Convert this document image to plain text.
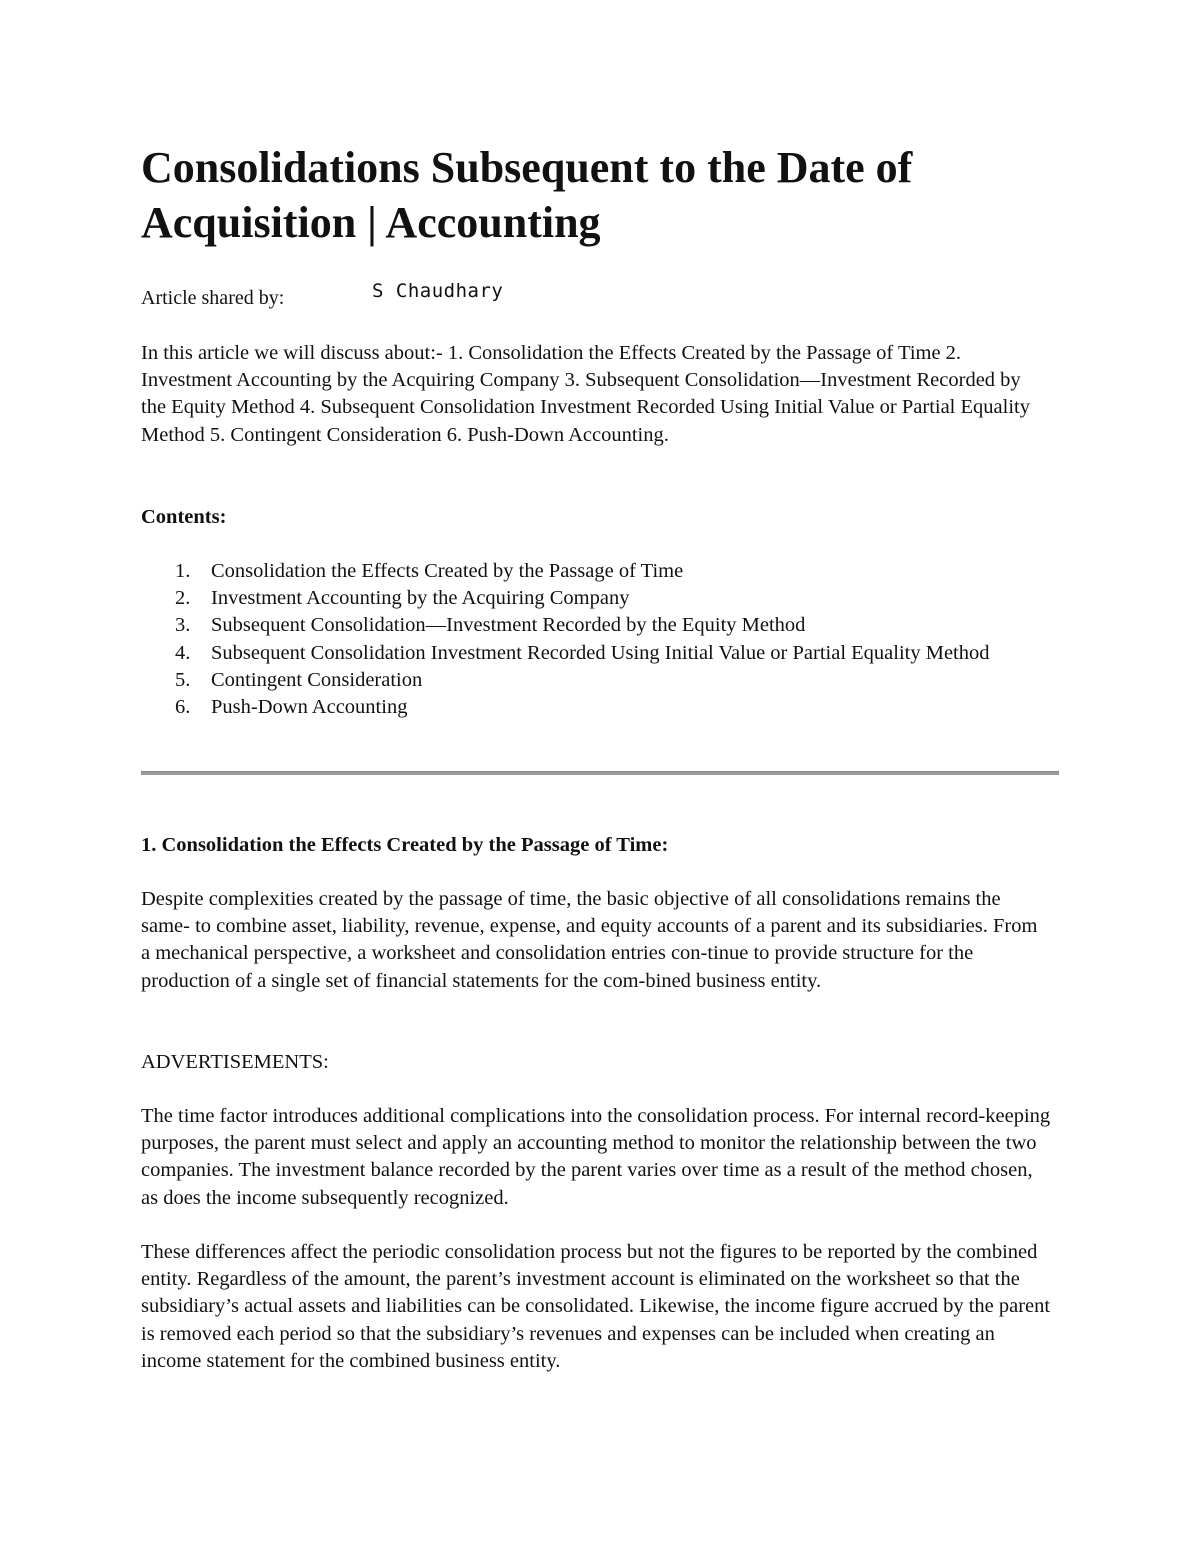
Consolidations Subsequent to the Date of Acquisition | Accounting
Article shared by:	S Chaudhary

In this article we will discuss about:- 1. Consolidation the Effects Created by the Passage of Time 2. Investment Accounting by the Acquiring Company 3. Subsequent Consolidation—Investment Recorded by the Equity Method 4. Subsequent Consolidation Investment Recorded Using Initial Value or Partial Equality Method 5. Contingent Consideration 6. Push-Down Accounting.

Contents:

1.	Consolidation the Effects Created by the Passage of Time
2.	Investment Accounting by the Acquiring Company
3.	Subsequent Consolidation—Investment Recorded by the Equity Method
4.	Subsequent Consolidation Investment Recorded Using Initial Value or Partial Equality Method
5.	Contingent Consideration
6.	Push-Down Accounting

1. Consolidation the Effects Created by the Passage of Time:

Despite complexities created by the passage of time, the basic objective of all consolidations remains the same- to combine asset, liability, revenue, expense, and equity accounts of a parent and its subsidiaries. From a mechanical perspective, a worksheet and consolidation entries con-tinue to provide structure for the production of a single set of financial statements for the com-bined business entity.

ADVERTISEMENTS:

The time factor introduces additional complications into the consolidation process. For internal record-keeping purposes, the parent must select and apply an accounting method to monitor the relationship between the two companies. The investment balance recorded by the parent varies over time as a result of the method chosen, as does the income subsequently recognized.

These differences affect the periodic consolidation process but not the figures to be reported by the combined entity. Regardless of the amount, the parent’s investment account is eliminated on the worksheet so that the subsidiary’s actual assets and liabilities can be consolidated. Likewise, the income figure accrued by the parent is removed each period so that the subsidiary’s revenues and expenses can be included when creating an income statement for the combined business entity.
